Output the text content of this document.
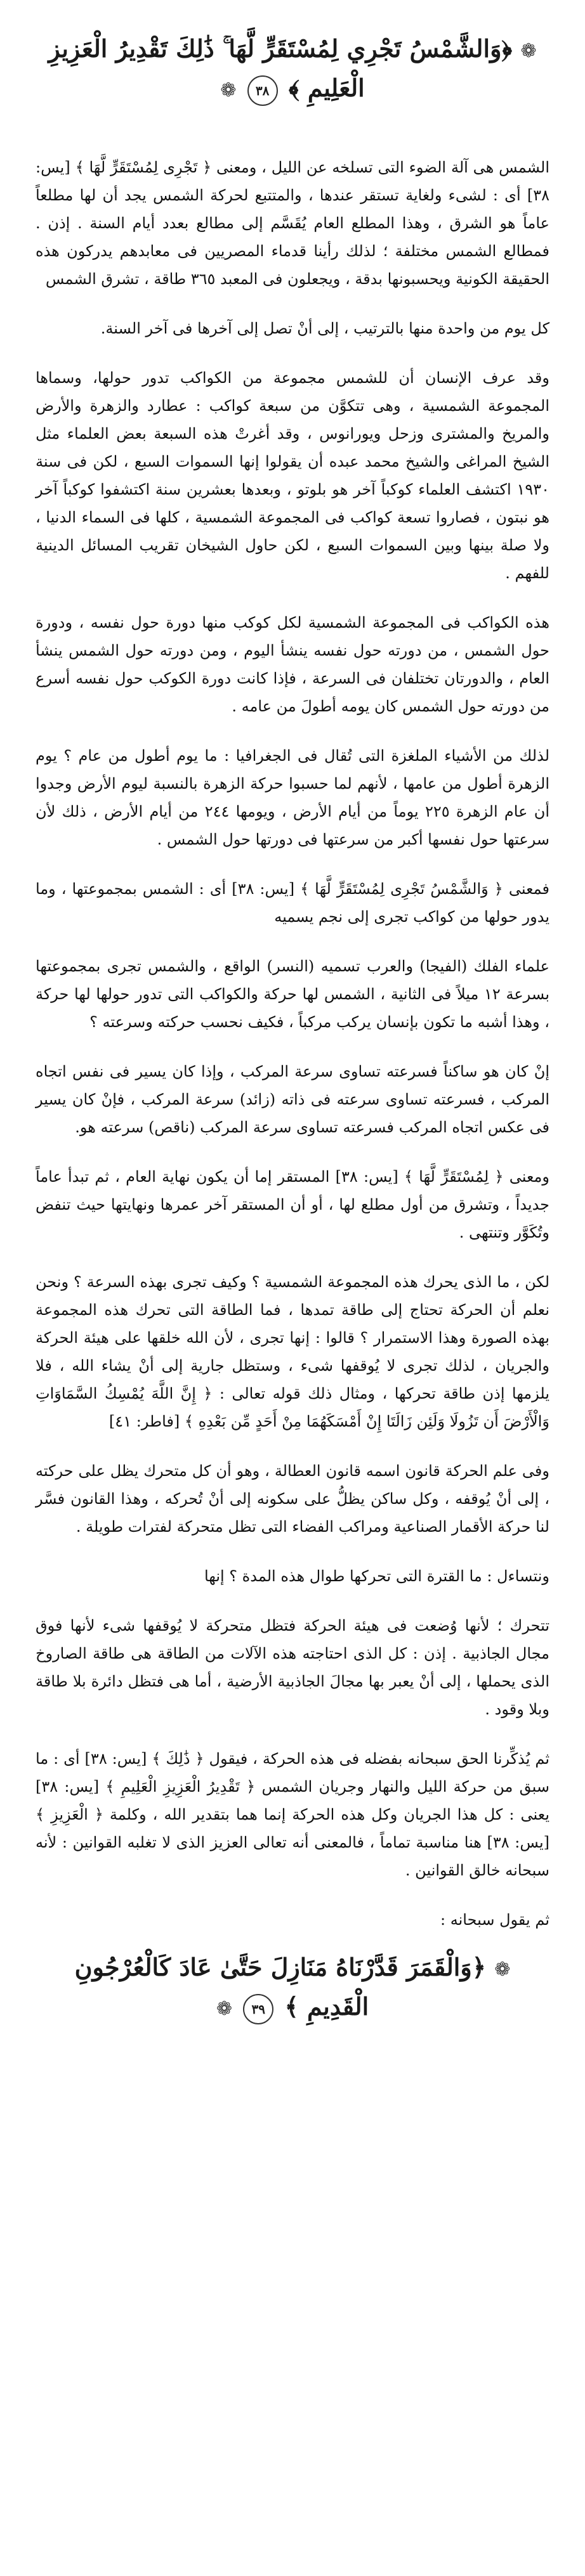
❁ ﴿وَالشَّمْسُ تَجْرِي لِمُسْتَقَرٍّ لَّهَا ۚ ذَٰلِكَ تَقْدِيرُ الْعَزِيزِ الْعَلِيمِ ﴾ ٣٨ ❁

الشمس هى آلة الضوء التى تسلخه عن الليل ، ومعنى ﴿ تَجْرِى لِمُسْتَقَرٍّ لَّهَا ﴾ [يس: ٣٨] أى : لشىء ولغاية تستقر عندها ، والمتتبع لحركة الشمس يجد أن لها مطلعاً عاماً هو الشرق ، وهذا المطلع العام يُقَسَّم إلى مطالع بعدد أيام السنة . إذن . فمطالع الشمس مختلفة ؛ لذلك رأينا قدماء المصريين فى معابدهم يدركون هذه الحقيقة الكونية ويحسبونها بدقة ، ويجعلون فى المعبد ٣٦٥ طاقة ، تشرق الشمس

كل يوم من واحدة منها بالترتيب ، إلى أنْ تصل إلى آخرها فى آخر السنة.

وقد عرف الإنسان أن للشمس مجموعة من الكواكب تدور حولها، وسماها المجموعة الشمسية ، وهى تتكوَّن من سبعة كواكب : عطارد والزهرة والأرض والمريخ والمشترى وزحل ويورانوس ، وقد أغرتْ هذه السبعة بعض العلماء مثل الشيخ المراغى والشيخ محمد عبده أن يقولوا إنها السموات السبع ، لكن فى سنة ١٩٣٠ اكتشف العلماء كوكباً آخر هو بلوتو ، وبعدها بعشرين سنة اكتشفوا كوكباً آخر هو نبتون ، فصاروا تسعة كواكب فى المجموعة الشمسية ، كلها فى السماء الدنيا ، ولا صلة بينها وبين السموات السبع ، لكن حاول الشيخان تقريب المسائل الدينية للفهم .

هذه الكواكب فى المجموعة الشمسية لكل كوكب منها دورة حول نفسه ، ودورة حول الشمس ، من دورته حول نفسه ينشأ اليوم ، ومن دورته حول الشمس ينشأ العام ، والدورتان تختلفان فى السرعة ، فإذا كانت دورة الكوكب حول نفسه أسرع من دورته حول الشمس كان يومه أطولَ من عامه .

لذلك من الأشياء الملغزة التى تُقال فى الجغرافيا : ما يوم أطول من عام ؟ يوم الزهرة أطول من عامها ، لأنهم لما حسبوا حركة الزهرة بالنسبة ليوم الأرض وجدوا أن عام الزهرة ٢٢٥ يوماً من أيام الأرض ، ويومها ٢٤٤ من أيام الأرض ، ذلك لأن سرعتها حول نفسها أكبر من سرعتها فى دورتها حول الشمس .

فمعنى ﴿ وَالشَّمْسُ تَجْرِى لِمُسْتَقَرٍّ لَّهَا ﴾ [يس: ٣٨] أى : الشمس بمجموعتها ، وما يدور حولها من كواكب تجرى إلى نجم يسميه

علماء الفلك (الفيجا) والعرب تسميه (النسر) الواقع ، والشمس تجرى بمجموعتها بسرعة ١٢ ميلاً فى الثانية ، الشمس لها حركة والكواكب التى تدور حولها لها حركة ، وهذا أشبه ما تكون بإنسان يركب مركباً ، فكيف نحسب حركته وسرعته ؟

إنْ كان هو ساكناً فسرعته تساوى سرعة المركب ، وإذا كان يسير فى نفس اتجاه المركب ، فسرعته تساوى سرعته فى ذاته (زائد) سرعة المركب ، فإنْ كان يسير فى عكس اتجاه المركب فسرعته تساوى سرعة المركب (ناقص) سرعته هو.

ومعنى ﴿ لِمُسْتَقَرٍّ لَّهَا ﴾ [يس: ٣٨] المستقر إما أن يكون نهاية العام ، ثم تبدأ عاماً جديداً ، وتشرق من أول مطلع لها ، أو أن المستقر آخر عمرها ونهايتها حيث تنفض وتُكَوَّر وتنتهى .

لكن ، ما الذى يحرك هذه المجموعة الشمسية ؟ وكيف تجرى بهذه السرعة ؟ ونحن نعلم أن الحركة تحتاج إلى طاقة تمدها ، فما الطاقة التى تحرك هذه المجموعة بهذه الصورة وهذا الاستمرار ؟ قالوا : إنها تجرى ، لأن الله خلقها على هيئة الحركة والجريان ، لذلك تجرى لا يُوقفها شىء ، وستظل جارية إلى أنْ يشاء الله ، فلا يلزمها إذن طاقة تحركها ، ومثال ذلك قوله تعالى : ﴿ إِنَّ اللَّهَ يُمْسِكُ السَّمَاوَاتِ وَالْأَرْضَ أَن تَزُولَا وَلَئِن زَالَتَا إِنْ أَمْسَكَهُمَا مِنْ أَحَدٍ مِّن بَعْدِهِ ﴾ [فاطر: ٤١]

وفى علم الحركة قانون اسمه قانون العطالة ، وهو أن كل متحرك يظل على حركته ، إلى أنْ يُوقفه ، وكل ساكن يظلُّ على سكونه إلى أنْ تُحركه ، وهذا القانون فسَّر لنا حركة الأقمار الصناعية ومراكب الفضاء التى تظل متحركة لفترات طويلة .

ونتساءل : ما القترة التى تحركها طوال هذه المدة ؟ إنها

تتحرك ؛ لأنها وُضعت فى هيئة الحركة فتظل متحركة لا يُوقفها شىء لأنها فوق مجال الجاذبية . إذن : كل الذى احتاجته هذه الآلات من الطاقة هى طاقة الصاروخ الذى يحملها ، إلى أنْ يعبر بها مجالَ الجاذبية الأرضية ، أما هى فتظل دائرة بلا طاقة وبلا وقود .

ثم يُذكِّرنا الحق سبحانه بفضله فى هذه الحركة ، فيقول ﴿ ذَٰلِكَ ﴾ [يس: ٣٨] أى : ما سبق من حركة الليل والنهار وجريان الشمس ﴿ تَقْدِيرُ الْعَزِيزِ الْعَلِيمِ ﴾ [يس: ٣٨] يعنى : كل هذا الجريان وكل هذه الحركة إنما هما بتقدير الله ، وكلمة ﴿ الْعَزِيزِ ﴾ [يس: ٣٨] هنا مناسبة تماماً ، فالمعنى أنه تعالى العزيز الذى لا تغلبه القوانين : لأنه سبحانه خالق القوانين .

ثم يقول سبحانه :

❁ ﴿وَالْقَمَرَ قَدَّرْنَاهُ مَنَازِلَ حَتَّىٰ عَادَ كَالْعُرْجُونِ الْقَدِيمِ ﴾ ٣٩ ❁
